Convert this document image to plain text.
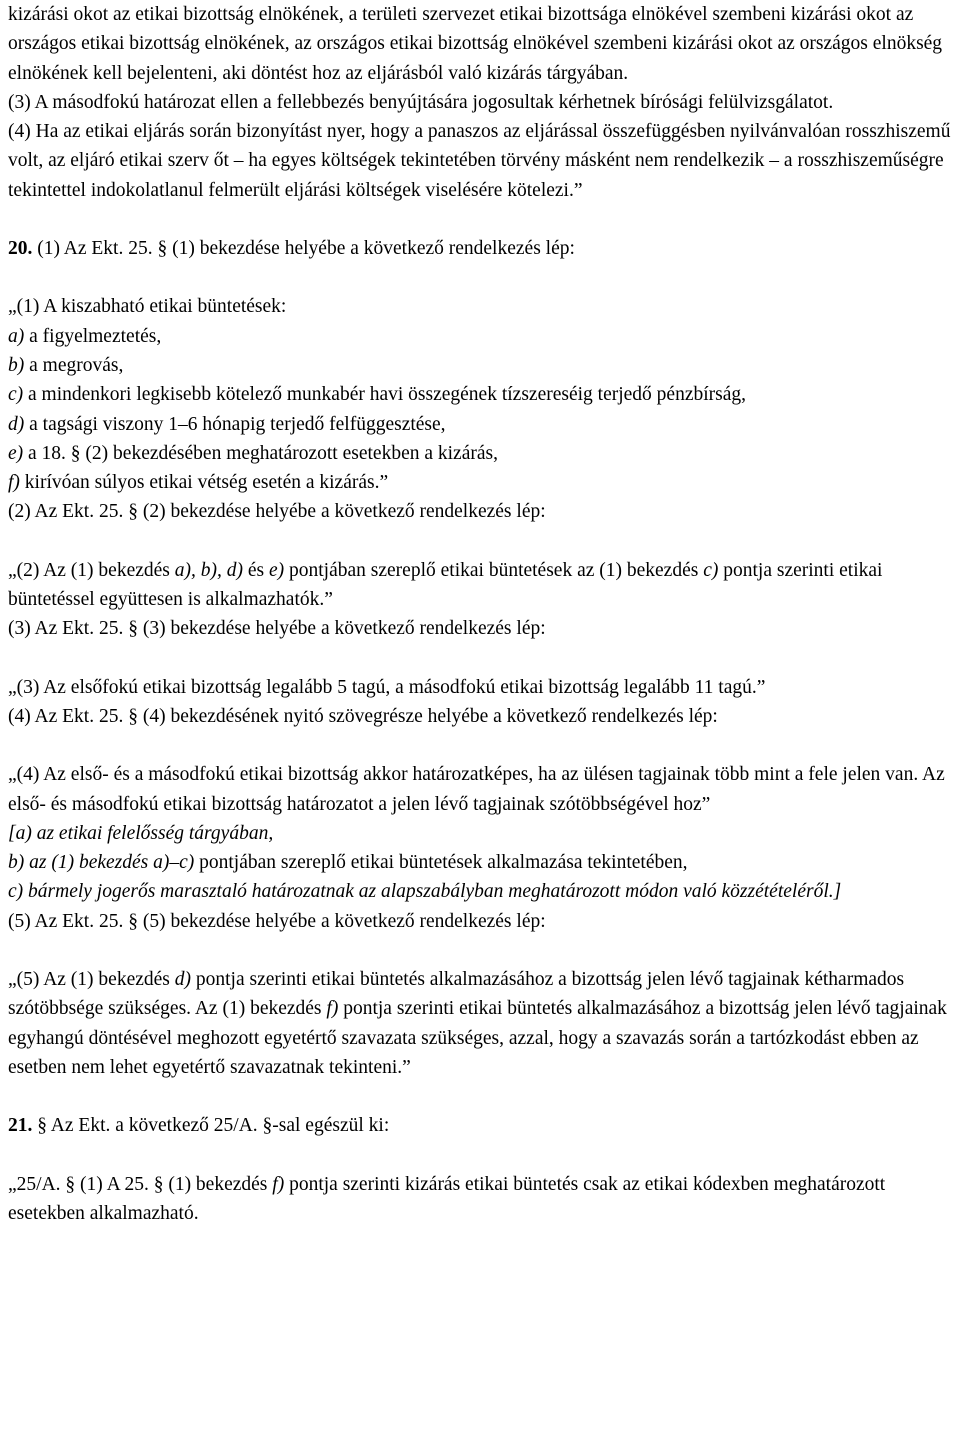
kizárási okot az etikai bizottság elnökének, a területi szervezet etikai bizottsága elnökével szembeni kizárási okot az országos etikai bizottság elnökének, az országos etikai bizottság elnökével szembeni kizárási okot az országos elnökség elnökének kell bejelenteni, aki döntést hoz az eljárásból való kizárás tárgyában.

(3) A másodfokú határozat ellen a fellebbezés benyújtására jogosultak kérhetnek bírósági felülvizsgálatot.

(4) Ha az etikai eljárás során bizonyítást nyer, hogy a panaszos az eljárással összefüggésben nyilvánvalóan rosszhiszemű volt, az eljáró etikai szerv őt – ha egyes költségek tekintetében törvény másként nem rendelkezik – a rosszhiszeműségre tekintettel indokolatlanul felmerült eljárási költségek viselésére kötelezi.”

20. (1) Az Ekt. 25. § (1) bekezdése helyébe a következő rendelkezés lép:

„(1) A kiszabható etikai büntetések:

a) a figyelmeztetés,

b) a megrovás,

c) a mindenkori legkisebb kötelező munkabér havi összegének tízszereséig terjedő pénzbírság,

d) a tagsági viszony 1–6 hónapig terjedő felfüggesztése,

e) a 18. § (2) bekezdésében meghatározott esetekben a kizárás,

f) kirívóan súlyos etikai vétség esetén a kizárás.”

(2) Az Ekt. 25. § (2) bekezdése helyébe a következő rendelkezés lép:

„(2) Az (1) bekezdés a), b), d) és e) pontjában szereplő etikai büntetések az (1) bekezdés c) pontja szerinti etikai büntetéssel együttesen is alkalmazhatók.”

(3) Az Ekt. 25. § (3) bekezdése helyébe a következő rendelkezés lép:

„(3) Az elsőfokú etikai bizottság legalább 5 tagú, a másodfokú etikai bizottság legalább 11 tagú.”

(4) Az Ekt. 25. § (4) bekezdésének nyitó szövegrésze helyébe a következő rendelkezés lép:

„(4) Az első- és a másodfokú etikai bizottság akkor határozatképes, ha az ülésen tagjainak több mint a fele jelen van. Az első- és másodfokú etikai bizottság határozatot a jelen lévő tagjainak szótöbbségével hoz”

[a) az etikai felelősség tárgyában,

b) az (1) bekezdés a)–c) pontjában szereplő etikai büntetések alkalmazása tekintetében,

c) bármely jogerős marasztaló határozatnak az alapszabályban meghatározott módon való közzétételéről.]

(5) Az Ekt. 25. § (5) bekezdése helyébe a következő rendelkezés lép:

„(5) Az (1) bekezdés d) pontja szerinti etikai büntetés alkalmazásához a bizottság jelen lévő tagjainak kétharmados szótöbbsége szükséges. Az (1) bekezdés f) pontja szerinti etikai büntetés alkalmazásához a bizottság jelen lévő tagjainak egyhangú döntésével meghozott egyetértő szavazata szükséges, azzal, hogy a szavazás során a tartózkodást ebben az esetben nem lehet egyetértő szavazatnak tekinteni.”

21. § Az Ekt. a következő 25/A. §-sal egészül ki:

„25/A. § (1) A 25. § (1) bekezdés f) pontja szerinti kizárás etikai büntetés csak az etikai kódexben meghatározott esetekben alkalmazható.
